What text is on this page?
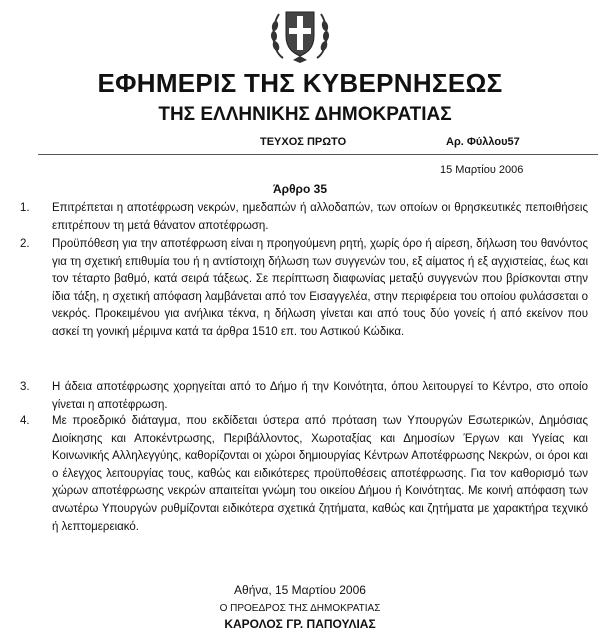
ΕΦΗΜΕΡΙΣ ΤΗΣ ΚΥΒΕΡΝΗΣΕΩΣ
ΤΗΣ ΕΛΛΗΝΙΚΗΣ ΔΗΜΟΚΡΑΤΙΑΣ
ΤΕΥΧΟΣ ΠΡΩΤΟ	Αρ. Φύλλου57
15 Μαρτίου 2006
Άρθρο 35

1. Επιτρέπεται η αποτέφρωση νεκρών, ημεδαπών ή αλλοδαπών, των οποίων οι θρησκευτικές πεποιθήσεις επιτρέπουν τη μετά θάνατον αποτέφρωση.

2. Προϋπόθεση για την αποτέφρωση είναι η προηγούμενη ρητή, χωρίς όρο ή αίρεση, δήλωση του θανόντος για τη σχετική επιθυμία του ή η αντίστοιχη δήλωση των συγγενών του, εξ αίματος ή εξ αγχιστείας, έως και τον τέταρτο βαθμό, κατά σειρά τάξεως. Σε περίπτωση διαφωνίας μεταξύ συγγενών που βρίσκονται στην ίδια τάξη, η σχετική απόφαση λαμβάνεται από τον Εισαγγελέα, στην περιφέρεια του οποίου φυλάσσεται ο νεκρός. Προκειμένου για ανήλικα τέκνα, η δήλωση γίνεται και από τους δύο γονείς ή από εκείνον που ασκεί τη γονική μέριμνα κατά τα άρθρα 1510 επ. του Αστικού Κώδικα.

3. Η άδεια αποτέφρωσης χορηγείται από το Δήμο ή την Κοινότητα, όπου λειτουργεί το Κέντρο, στο οποίο γίνεται η αποτέφρωση.

4. Με προεδρικό διάταγμα, που εκδίδεται ύστερα από πρόταση των Υπουργών Εσωτερικών, Δημόσιας Διοίκησης και Αποκέντρωσης, Περιβάλλοντος, Χωροταξίας και Δημοσίων Έργων και Υγείας και Κοινωνικής Αλληλεγγύης, καθορίζονται οι χώροι δημιουργίας Κέντρων Αποτέφρωσης Νεκρών, οι όροι και ο έλεγχος λειτουργίας τους, καθώς και ειδικότερες προϋποθέσεις αποτέφρωσης. Για τον καθορισμό των χώρων αποτέφρωσης νεκρών απαιτείται γνώμη του οικείου Δήμου ή Κοινότητας. Με κοινή απόφαση των ανωτέρω Υπουργών ρυθμίζονται ειδικότερα σχετικά ζητήματα, καθώς και ζητήματα με χαρακτήρα τεχνικό ή λεπτομερειακό.

Αθήνα, 15 Μαρτίου 2006

Ο ΠΡΟΕΔΡΟΣ ΤΗΣ ΔΗΜΟΚΡΑΤΙΑΣ

ΚΑΡΟΛΟΣ ΓΡ. ΠΑΠΟΥΛΙΑΣ
